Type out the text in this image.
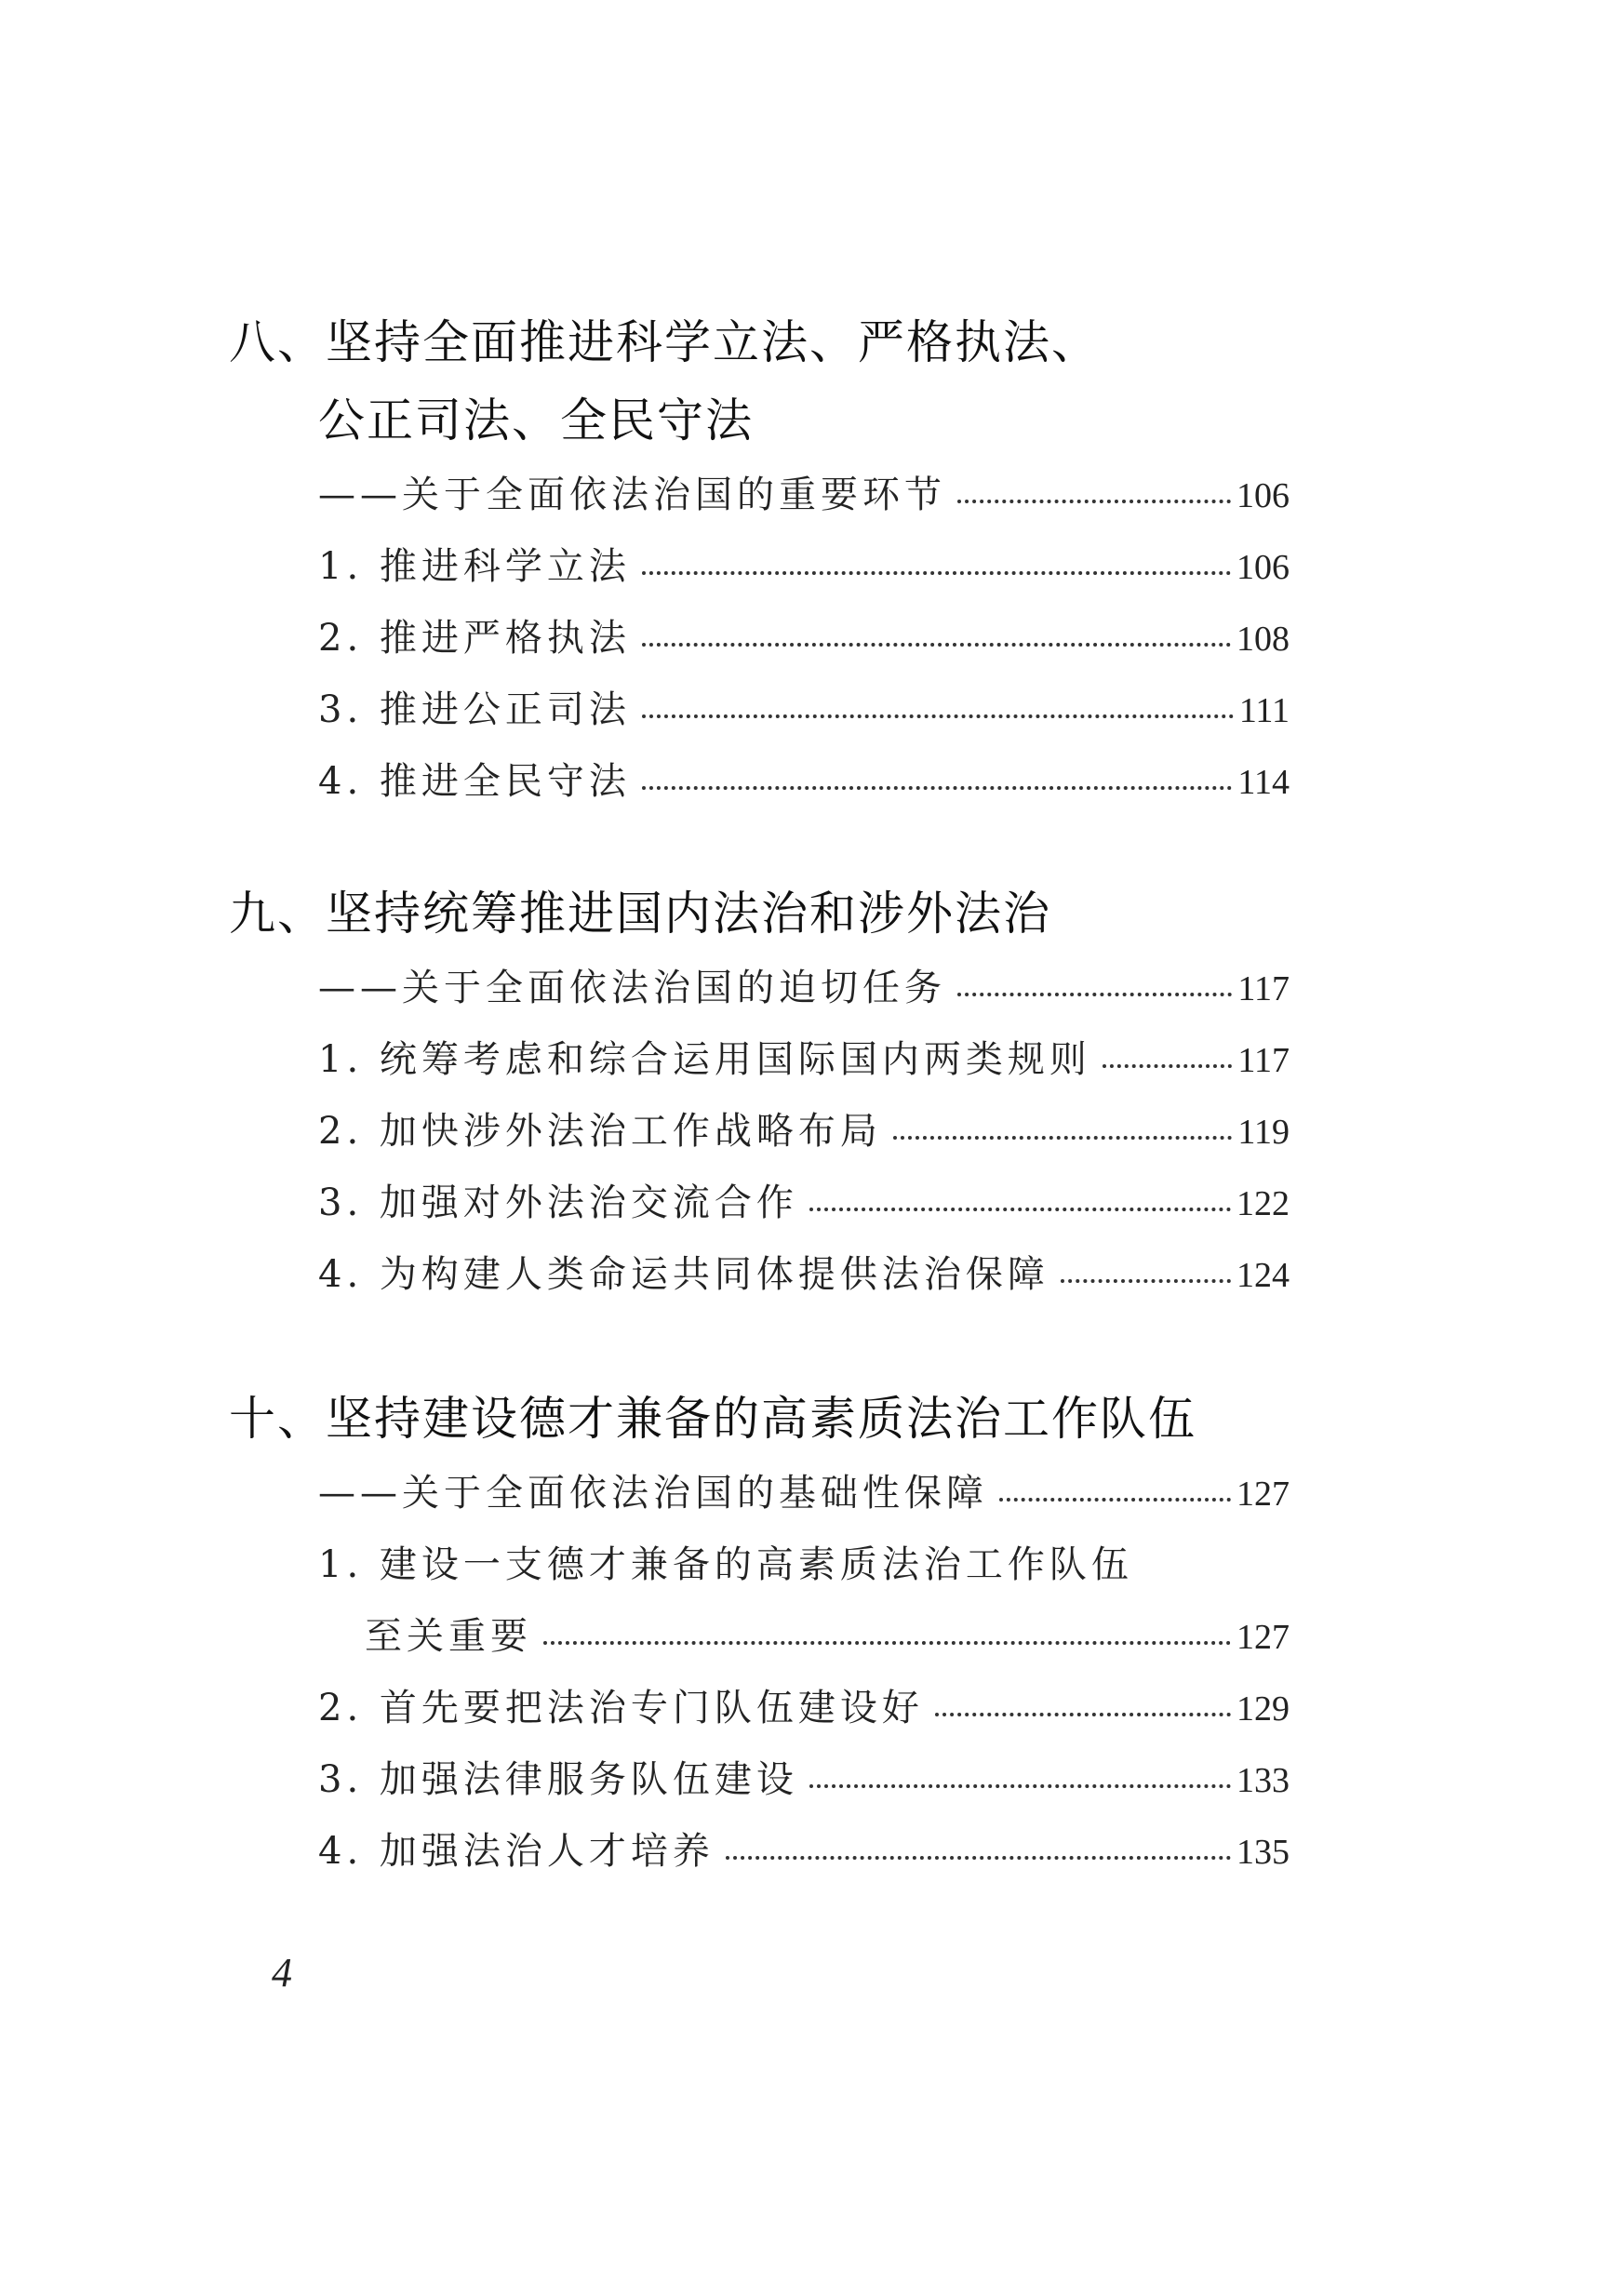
八、坚持全面推进科学立法、严格执法、
公正司法、全民守法
——关于全面依法治国的重要环节	106
1. 推进科学立法	106
2. 推进严格执法	108
3. 推进公正司法	111
4. 推进全民守法	114
九、坚持统筹推进国内法治和涉外法治
——关于全面依法治国的迫切任务	117
1. 统筹考虑和综合运用国际国内两类规则	117
2. 加快涉外法治工作战略布局	119
3. 加强对外法治交流合作	122
4. 为构建人类命运共同体提供法治保障	124
十、坚持建设德才兼备的高素质法治工作队伍
——关于全面依法治国的基础性保障	127
1. 建设一支德才兼备的高素质法治工作队伍
至关重要	127
2. 首先要把法治专门队伍建设好	129
3. 加强法律服务队伍建设	133
4. 加强法治人才培养	135
4
